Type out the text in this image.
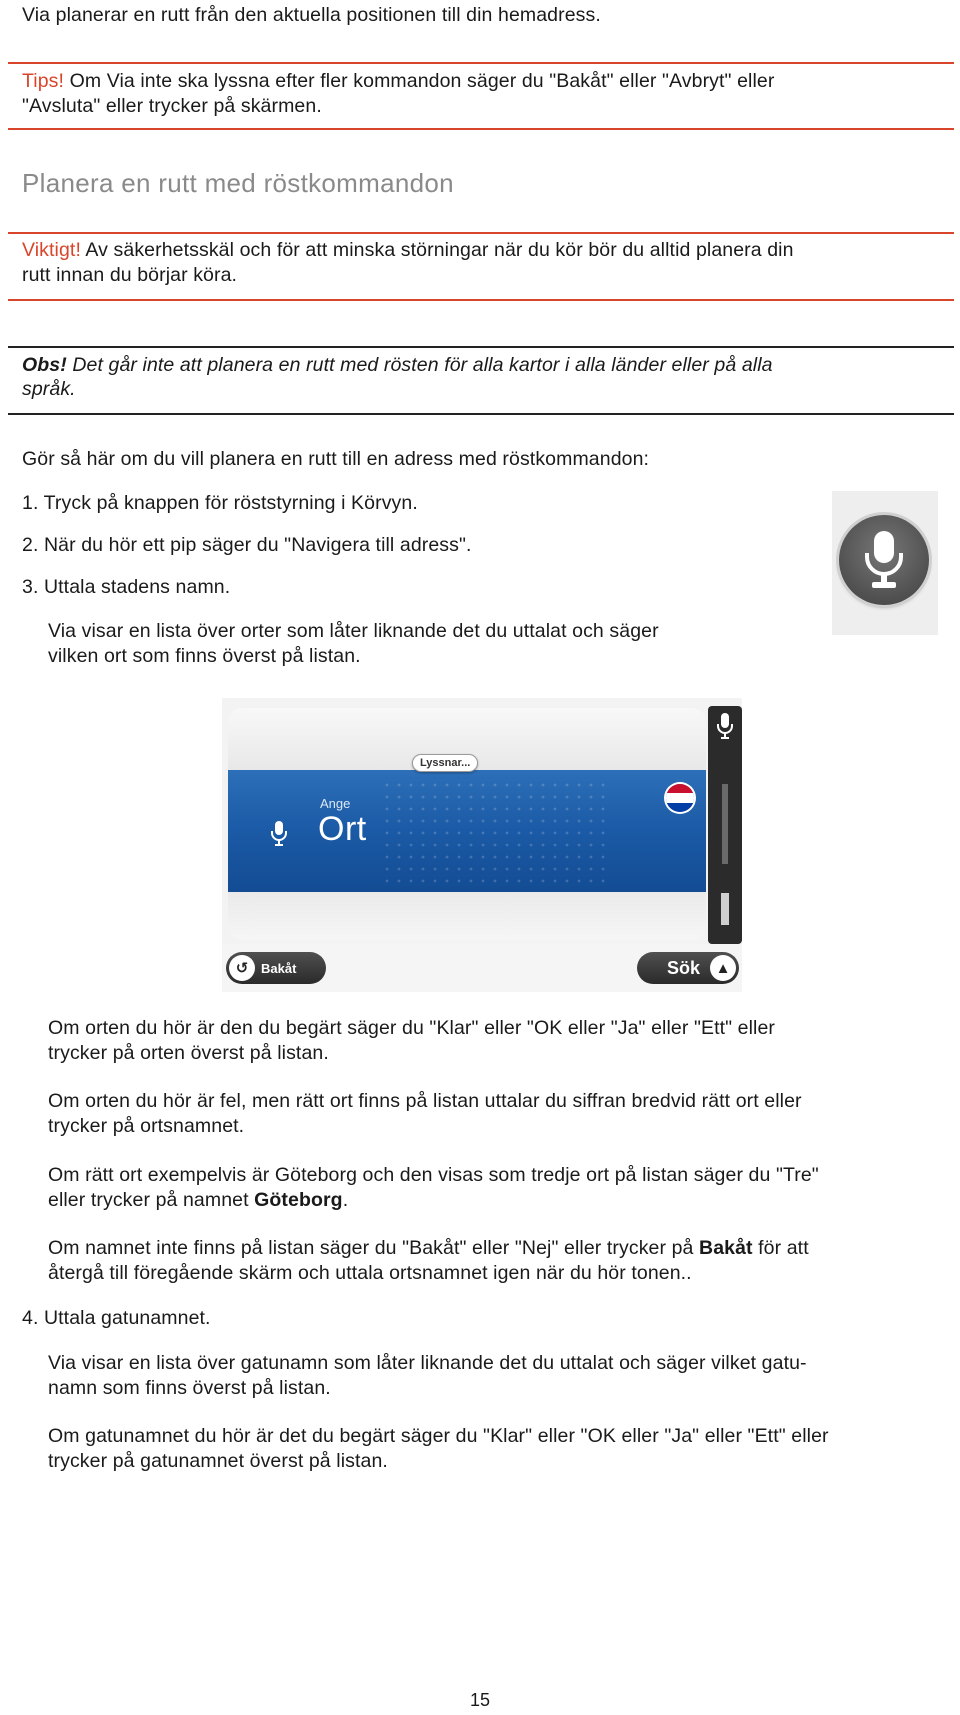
Via planerar en rutt från den aktuella positionen till din hemadress.
Tips! Om Via inte ska lyssna efter fler kommandon säger du "Bakåt" eller "Avbryt" eller
"Avsluta" eller trycker på skärmen.
Planera en rutt med röstkommandon
Viktigt! Av säkerhetsskäl och för att minska störningar när du kör bör du alltid planera din
rutt innan du börjar köra.
Obs! Det går inte att planera en rutt med rösten för alla kartor i alla länder eller på alla
språk.
Gör så här om du vill planera en rutt till en adress med röstkommandon:
1. Tryck på knappen för röststyrning i Körvyn.
2. När du hör ett pip säger du "Navigera till adress".
3. Uttala stadens namn.
Via visar en lista över orter som låter liknande det du uttalat och säger
vilken ort som finns överst på listan.
Lyssnar...
Ange
Ort
↺ Bakåt	Sök	▲
Om orten du hör är den du begärt säger du "Klar" eller "OK eller "Ja" eller "Ett" eller
trycker på orten överst på listan.
Om orten du hör är fel, men rätt ort finns på listan uttalar du siffran bredvid rätt ort eller
trycker på ortsnamnet.
Om rätt ort exempelvis är Göteborg och den visas som tredje ort på listan säger du "Tre"
eller trycker på namnet Göteborg.
Om namnet inte finns på listan säger du "Bakåt" eller "Nej" eller trycker på Bakåt för att
återgå till föregående skärm och uttala ortsnamnet igen när du hör tonen..
4. Uttala gatunamnet.
Via visar en lista över gatunamn som låter liknande det du uttalat och säger vilket gatu-
namn som finns överst på listan.
Om gatunamnet du hör är det du begärt säger du "Klar" eller "OK eller "Ja" eller "Ett" eller
trycker på gatunamnet överst på listan.
15
